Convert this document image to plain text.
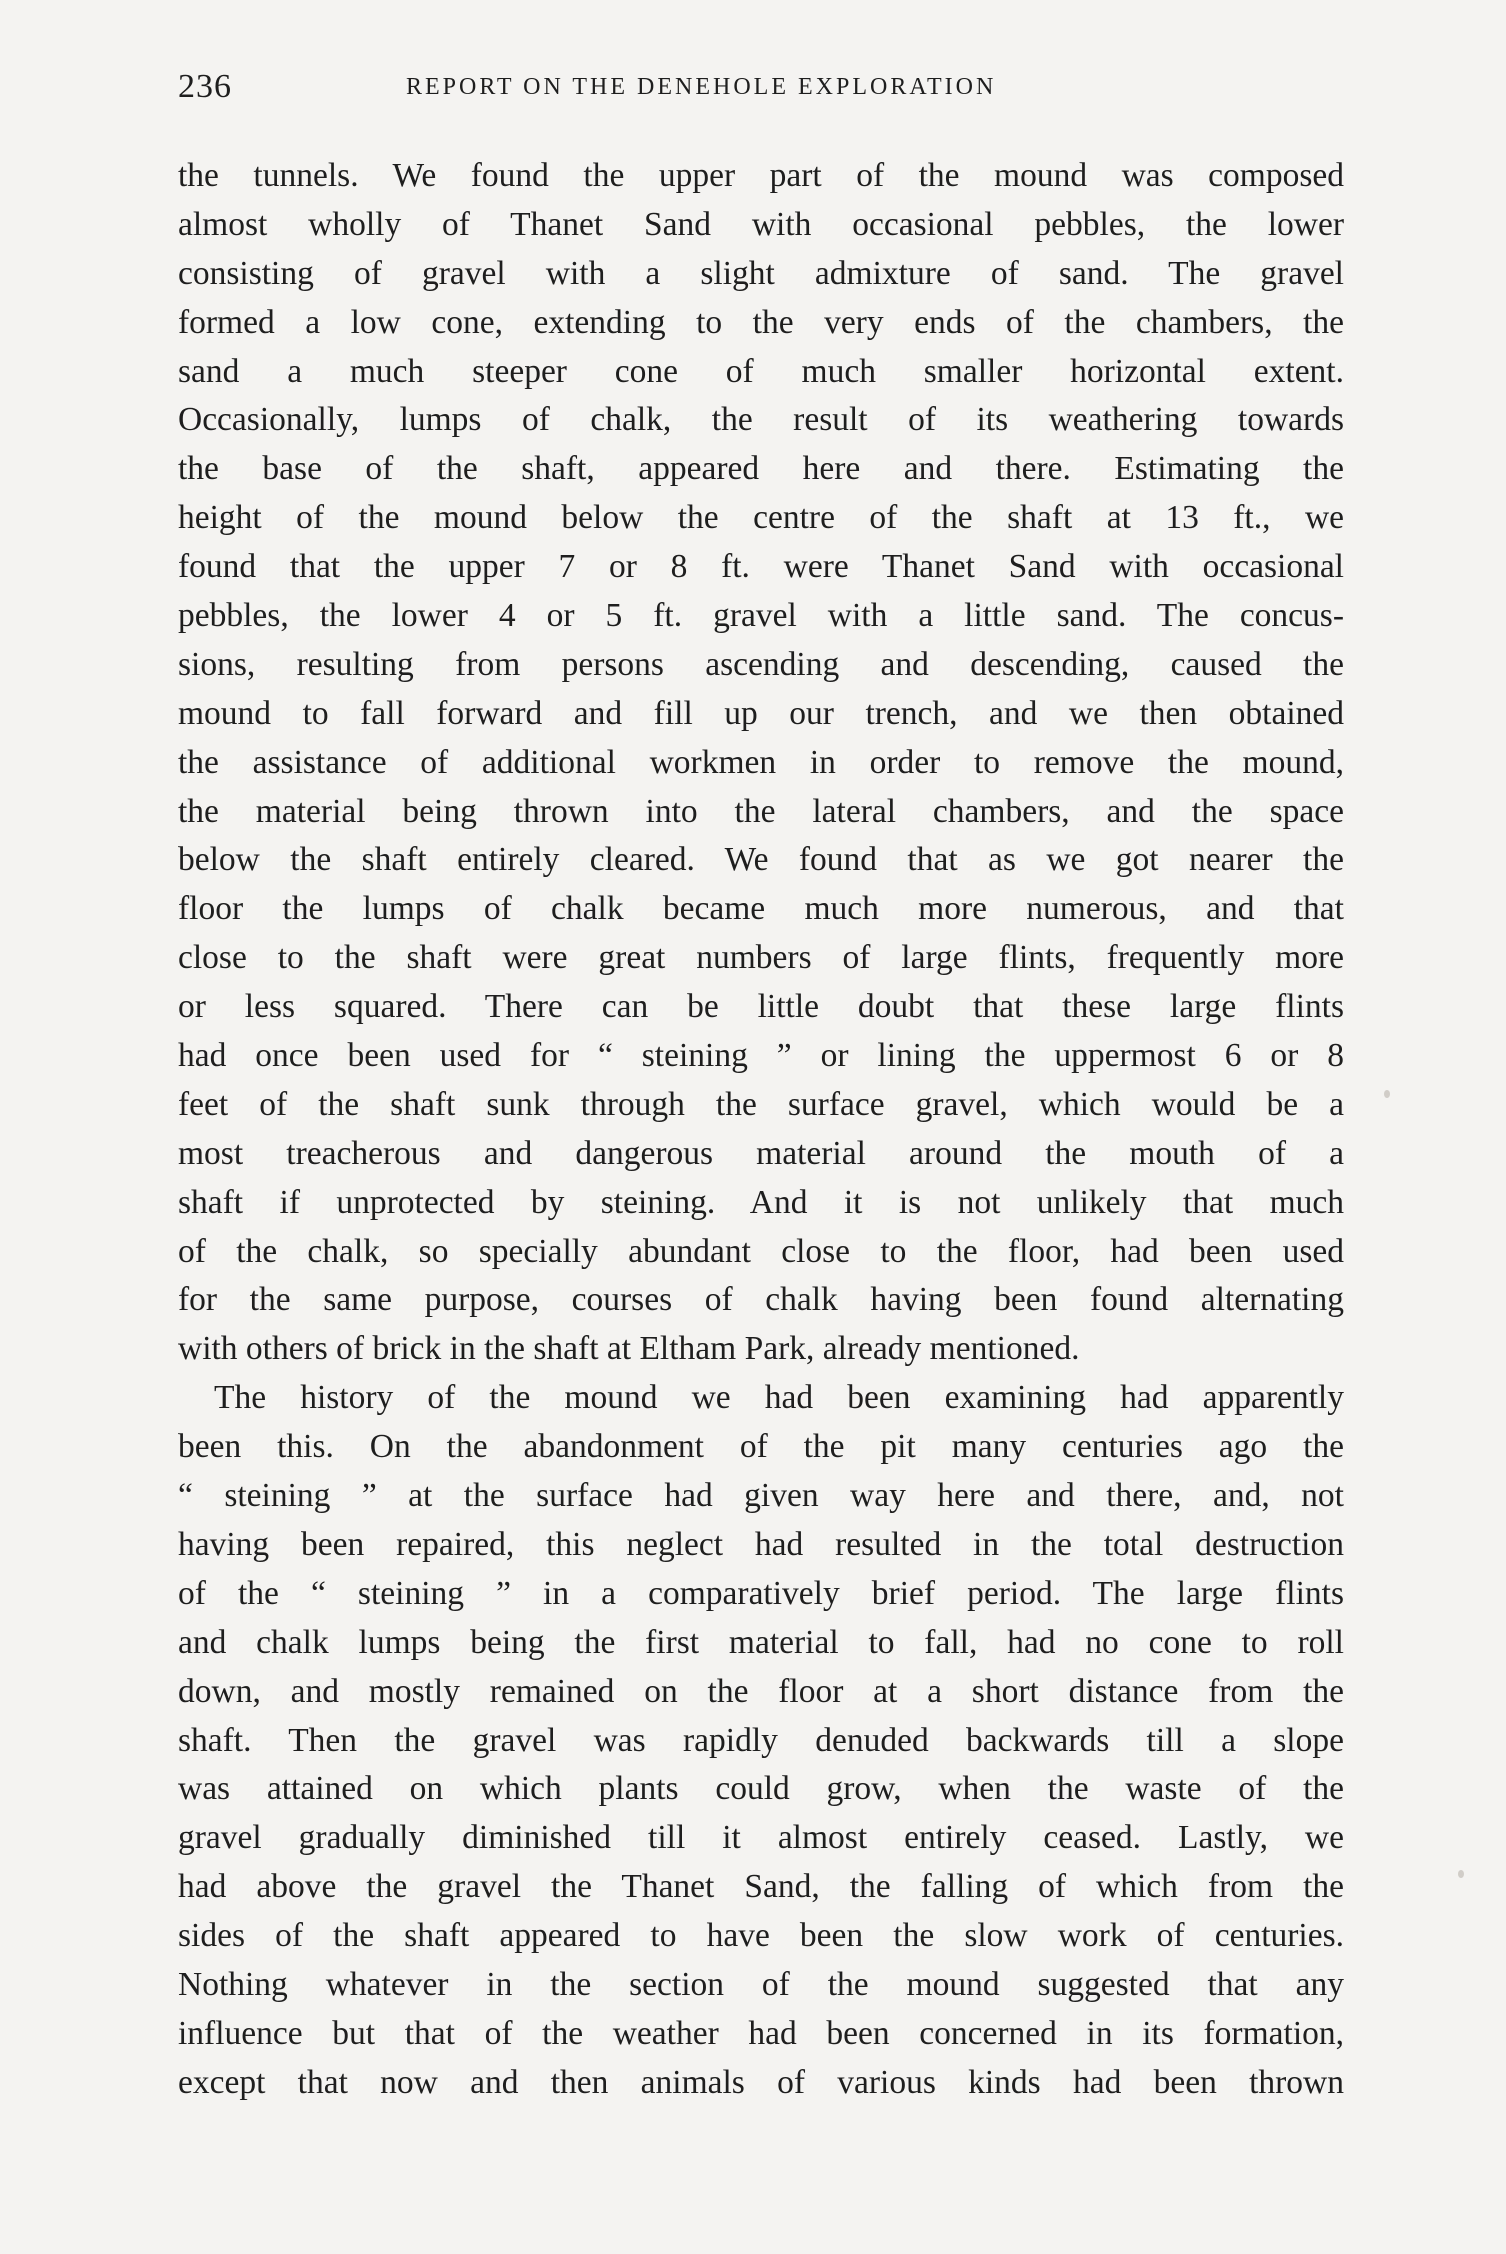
236	REPORT ON THE DENEHOLE EXPLORATION
the tunnels. We found the upper part of the mound was composed
almost wholly of Thanet Sand with occasional pebbles, the lower
consisting of gravel with a slight admixture of sand. The gravel
formed a low cone, extending to the very ends of the chambers, the
sand a much steeper cone of much smaller horizontal extent.
Occasionally, lumps of chalk, the result of its weathering towards
the base of the shaft, appeared here and there. Estimating the
height of the mound below the centre of the shaft at 13 ft., we
found that the upper 7 or 8 ft. were Thanet Sand with occasional
pebbles, the lower 4 or 5 ft. gravel with a little sand. The concus-
sions, resulting from persons ascending and descending, caused the
mound to fall forward and fill up our trench, and we then obtained
the assistance of additional workmen in order to remove the mound,
the material being thrown into the lateral chambers, and the space
below the shaft entirely cleared. We found that as we got nearer the
floor the lumps of chalk became much more numerous, and that
close to the shaft were great numbers of large flints, frequently more
or less squared. There can be little doubt that these large flints
had once been used for “ steining ” or lining the uppermost 6 or 8
feet of the shaft sunk through the surface gravel, which would be a
most treacherous and dangerous material around the mouth of a
shaft if unprotected by steining. And it is not unlikely that much
of the chalk, so specially abundant close to the floor, had been used
for the same purpose, courses of chalk having been found alternating
with others of brick in the shaft at Eltham Park, already mentioned.
The history of the mound we had been examining had apparently
been this. On the abandonment of the pit many centuries ago the
“ steining ” at the surface had given way here and there, and, not
having been repaired, this neglect had resulted in the total destruction
of the “ steining ” in a comparatively brief period. The large flints
and chalk lumps being the first material to fall, had no cone to roll
down, and mostly remained on the floor at a short distance from the
shaft. Then the gravel was rapidly denuded backwards till a slope
was attained on which plants could grow, when the waste of the
gravel gradually diminished till it almost entirely ceased. Lastly, we
had above the gravel the Thanet Sand, the falling of which from the
sides of the shaft appeared to have been the slow work of centuries.
Nothing whatever in the section of the mound suggested that any
influence but that of the weather had been concerned in its formation,
except that now and then animals of various kinds had been thrown
